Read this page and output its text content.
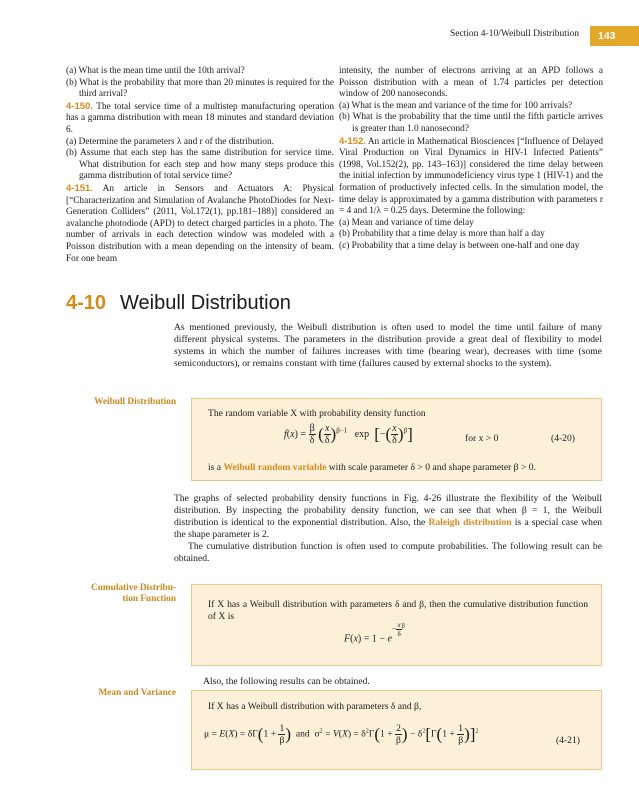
Section 4-10/Weibull Distribution	143

(a) What is the mean time until the 10th arrival?

(b) What is the probability that more than 20 minutes is required for the third arrival?

4-150. The total service time of a multistep manufacturing operation has a gamma distribution with mean 18 minutes and standard deviation 6.

(a) Determine the parameters λ and r of the distribution.

(b) Assume that each step has the same distribution for service time. What distribution for each step and how many steps produce this gamma distribution of total service time?

4-151. An article in Sensors and Actuators A: Physical [“Characterization and Simulation of Avalanche PhotoDiodes for Next-Generation Colliders” (2011, Vol.172(1), pp.181–188)] considered an avalanche photodiode (APD) to detect charged particles in a photo. The number of arrivals in each detection window was modeled with a Poisson distribution with a mean depending on the intensity of beam. For one beam

intensity, the number of electrons arriving at an APD follows a Poisson distribution with a mean of 1.74 particles per detection window of 200 nanoseconds.

(a) What is the mean and variance of the time for 100 arrivals?

(b) What is the probability that the time until the fifth particle arrives is greater than 1.0 nanosecond?

4-152. An article in Mathematical Biosciences [“Influence of Delayed Viral Production on Viral Dynamics in HIV-1 Infected Patients” (1998, Vol.152(2), pp. 143–163)] considered the time delay between the initial infection by immunodeficiency virus type 1 (HIV-1) and the formation of productively infected cells. In the simulation model, the time delay is approximated by a gamma distribution with parameters r = 4 and 1/λ = 0.25 days. Determine the following:

(a) Mean and variance of time delay

(b) Probability that a time delay is more than half a day

(c) Probability that a time delay is between one-half and one day

4-10 Weibull Distribution
As mentioned previously, the Weibull distribution is often used to model the time until failure of many different physical systems. The parameters in the distribution provide a great deal of flexibility to model systems in which the number of failures increases with time (bearing wear), decreases with time (some semiconductors), or remains constant with time (failures caused by external shocks to the system).
Weibull Distribution
Cumulative Distribu-
tion Function
Mean and Variance
The random variable X with probability density function
$f(x) = \frac{\beta}{\delta}$ ( $\frac{x}{\delta} )^{\beta-1}$   exp  [−( $\frac{x}{\delta} )^\beta$]	for x > 0	(4-20)
is a Weibull random variable with scale parameter δ > 0 and shape parameter β > 0.

The graphs of selected probability density functions in Fig. 4-26 illustrate the flexibility of the Weibull distribution. By inspecting the probability density function, we can see that when β = 1, the Weibull distribution is identical to the exponential distribution. Also, the Raleigh distribution is a special case when the shape parameter is 2.

The cumulative distribution function is often used to compute probabilities. The following result can be obtained.

If X has a Weibull distribution with parameters δ and β, then the cumulative distribution function of X is
$F(x) = 1 - e^{- \frac{x}{\delta} ^\beta}$
Also, the following results can be obtained.
If X has a Weibull distribution with parameters δ and β,
$\mu = E(X) = \delta\Gamma(1 + \frac{1}{\beta}$ ) and  $\sigma^2 = V(X) = \delta^2\Gamma(1 + \frac{2}{\beta}$ ) − $\delta^2[\Gamma(1 + \frac{1}{\beta} )]^2$
(4-21)
